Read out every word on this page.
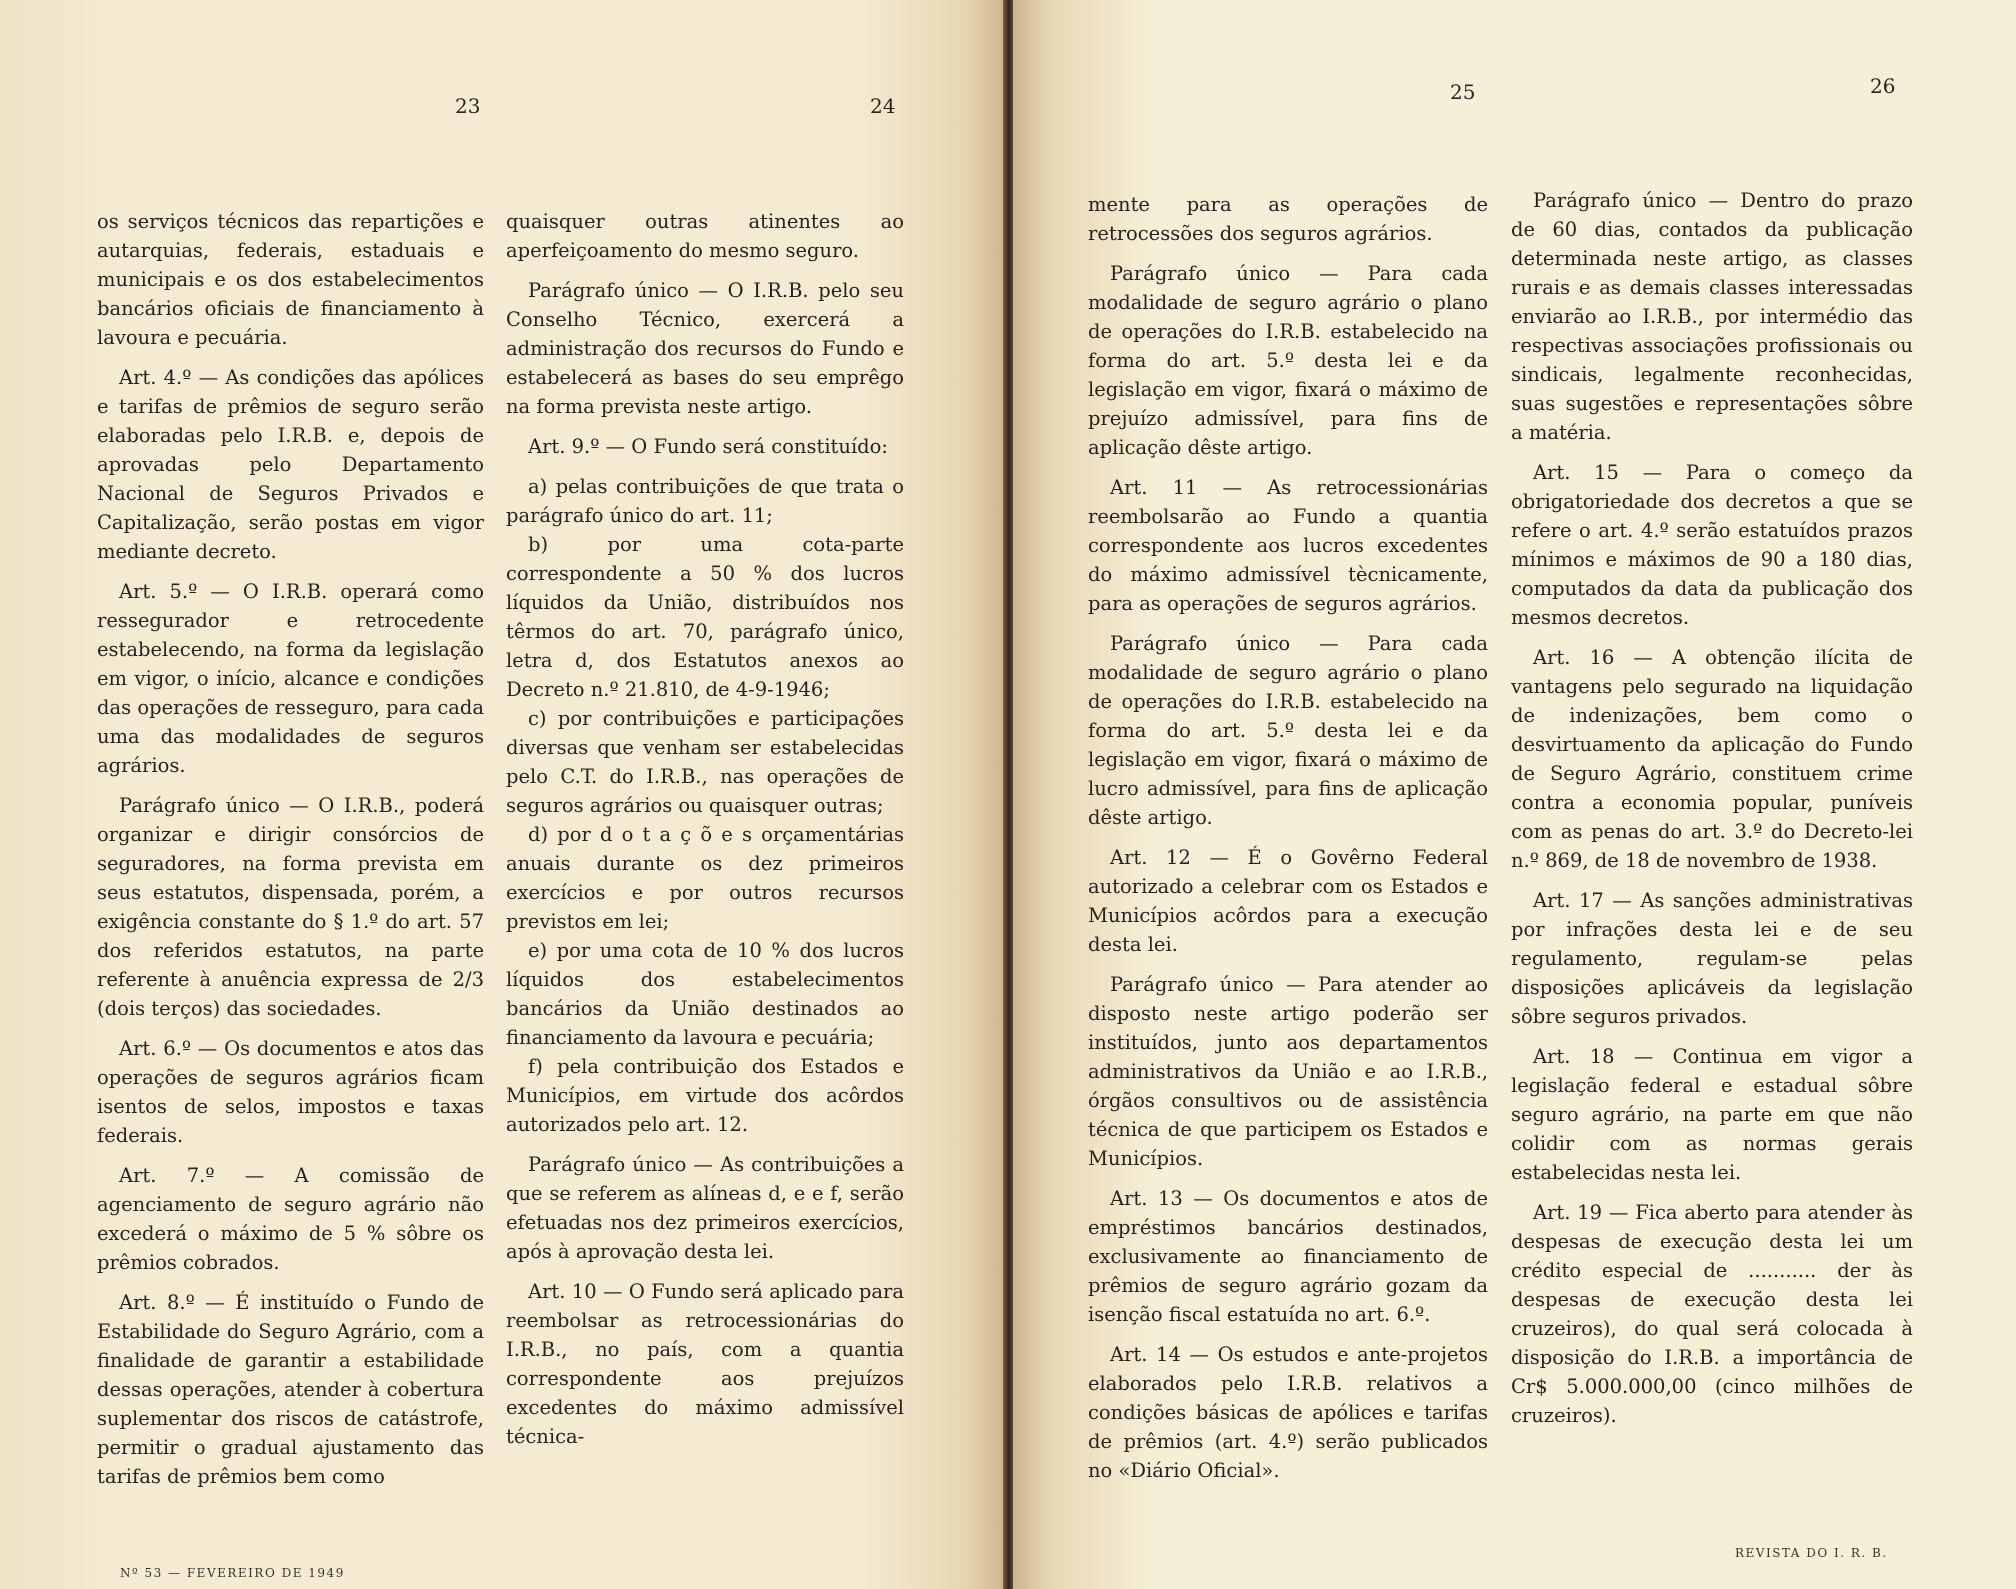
23	24

os serviços técnicos das repartições e autarquias, federais, estaduais e municipais e os dos estabelecimentos bancários oficiais de financiamento à lavoura e pecuária.

Art. 4.º — As condições das apólices e tarifas de prêmios de seguro serão elaboradas pelo I.R.B. e, depois de aprovadas pelo Departamento Nacional de Seguros Privados e Capitalização, serão postas em vigor mediante decreto.

Art. 5.º — O I.R.B. operará como ressegurador e retrocedente estabelecendo, na forma da legislação em vigor, o início, alcance e condições das operações de resseguro, para cada uma das modalidades de seguros agrários.

Parágrafo único — O I.R.B., poderá organizar e dirigir consórcios de seguradores, na forma prevista em seus estatutos, dispensada, porém, a exigência constante do § 1.º do art. 57 dos referidos estatutos, na parte referente à anuência expressa de 2/3 (dois terços) das sociedades.

Art. 6.º — Os documentos e atos das operações de seguros agrários ficam isentos de selos, impostos e taxas federais.

Art. 7.º — A comissão de agenciamento de seguro agrário não excederá o máximo de 5 % sôbre os prêmios cobrados.

Art. 8.º — É instituído o Fundo de Estabilidade do Seguro Agrário, com a finalidade de garantir a estabilidade dessas operações, atender à cobertura suplementar dos riscos de catástrofe, permitir o gradual ajustamento das tarifas de prêmios bem como

quaisquer outras atinentes ao aperfeiçoamento do mesmo seguro.

Parágrafo único — O I.R.B. pelo seu Conselho Técnico, exercerá a administração dos recursos do Fundo e estabelecerá as bases do seu emprêgo na forma prevista neste artigo.

Art. 9.º — O Fundo será constituído:

a) pelas contribuições de que trata o parágrafo único do art. 11;

b) por uma cota-parte correspondente a 50 % dos lucros líquidos da União, distribuídos nos têrmos do art. 70, parágrafo único, letra d, dos Estatutos anexos ao Decreto n.º 21.810, de 4-9-1946;

c) por contribuições e participações diversas que venham ser estabelecidas pelo C.T. do I.R.B., nas operações de seguros agrários ou quaisquer outras;

d) por d o t a ç õ e s orçamentárias anuais durante os dez primeiros exercícios e por outros recursos previstos em lei;

e) por uma cota de 10 % dos lucros líquidos dos estabelecimentos bancários da União destinados ao financiamento da lavoura e pecuária;

f) pela contribuição dos Estados e Municípios, em virtude dos acôrdos autorizados pelo art. 12.

Parágrafo único — As contribuições a que se referem as alíneas d, e e f, serão efetuadas nos dez primeiros exercícios, após à aprovação desta lei.

Art. 10 — O Fundo será aplicado para reembolsar as retrocessionárias do I.R.B., no país, com a quantia correspondente aos prejuízos excedentes do máximo admissível técnica-

Nº 53 — FEVEREIRO DE 1949
25	26

mente para as operações de retrocessões dos seguros agrários.

Parágrafo único — Para cada modalidade de seguro agrário o plano de operações do I.R.B. estabelecido na forma do art. 5.º desta lei e da legislação em vigor, fixará o máximo de prejuízo admissível, para fins de aplicação dêste artigo.

Art. 11 — As retrocessionárias reembolsarão ao Fundo a quantia correspondente aos lucros excedentes do máximo admissível tècnicamente, para as operações de seguros agrários.

Parágrafo único — Para cada modalidade de seguro agrário o plano de operações do I.R.B. estabelecido na forma do art. 5.º desta lei e da legislação em vigor, fixará o máximo de lucro admissível, para fins de aplicação dêste artigo.

Art. 12 — É o Govêrno Federal autorizado a celebrar com os Estados e Municípios acôrdos para a execução desta lei.

Parágrafo único — Para atender ao disposto neste artigo poderão ser instituídos, junto aos departamentos administrativos da União e ao I.R.B., órgãos consultivos ou de assistência técnica de que participem os Estados e Municípios.

Art. 13 — Os documentos e atos de empréstimos bancários destinados, exclusivamente ao financiamento de prêmios de seguro agrário gozam da isenção fiscal estatuída no art. 6.º.

Art. 14 — Os estudos e ante-projetos elaborados pelo I.R.B. relativos a condições básicas de apólices e tarifas de prêmios (art. 4.º) serão publicados no «Diário Oficial».

Parágrafo único — Dentro do prazo de 60 dias, contados da publicação determinada neste artigo, as classes rurais e as demais classes interessadas enviarão ao I.R.B., por intermédio das respectivas associações profissionais ou sindicais, legalmente reconhecidas, suas sugestões e representações sôbre a matéria.

Art. 15 — Para o começo da obrigatoriedade dos decretos a que se refere o art. 4.º serão estatuídos prazos mínimos e máximos de 90 a 180 dias, computados da data da publicação dos mesmos decretos.

Art. 16 — A obtenção ilícita de vantagens pelo segurado na liquidação de indenizações, bem como o desvirtuamento da aplicação do Fundo de Seguro Agrário, constituem crime contra a economia popular, puníveis com as penas do art. 3.º do Decreto-lei n.º 869, de 18 de novembro de 1938.

Art. 17 — As sanções administrativas por infrações desta lei e de seu regulamento, regulam-se pelas disposições aplicáveis da legislação sôbre seguros privados.

Art. 18 — Continua em vigor a legislação federal e estadual sôbre seguro agrário, na parte em que não colidir com as normas gerais estabelecidas nesta lei.

Art. 19 — Fica aberto para atender às despesas de execução desta lei um crédito especial de ........... der às despesas de execução desta lei cruzeiros), do qual será colocada à disposição do I.R.B. a importância de Cr$ 5.000.000,00 (cinco milhões de cruzeiros).

REVISTA DO I. R. B.
